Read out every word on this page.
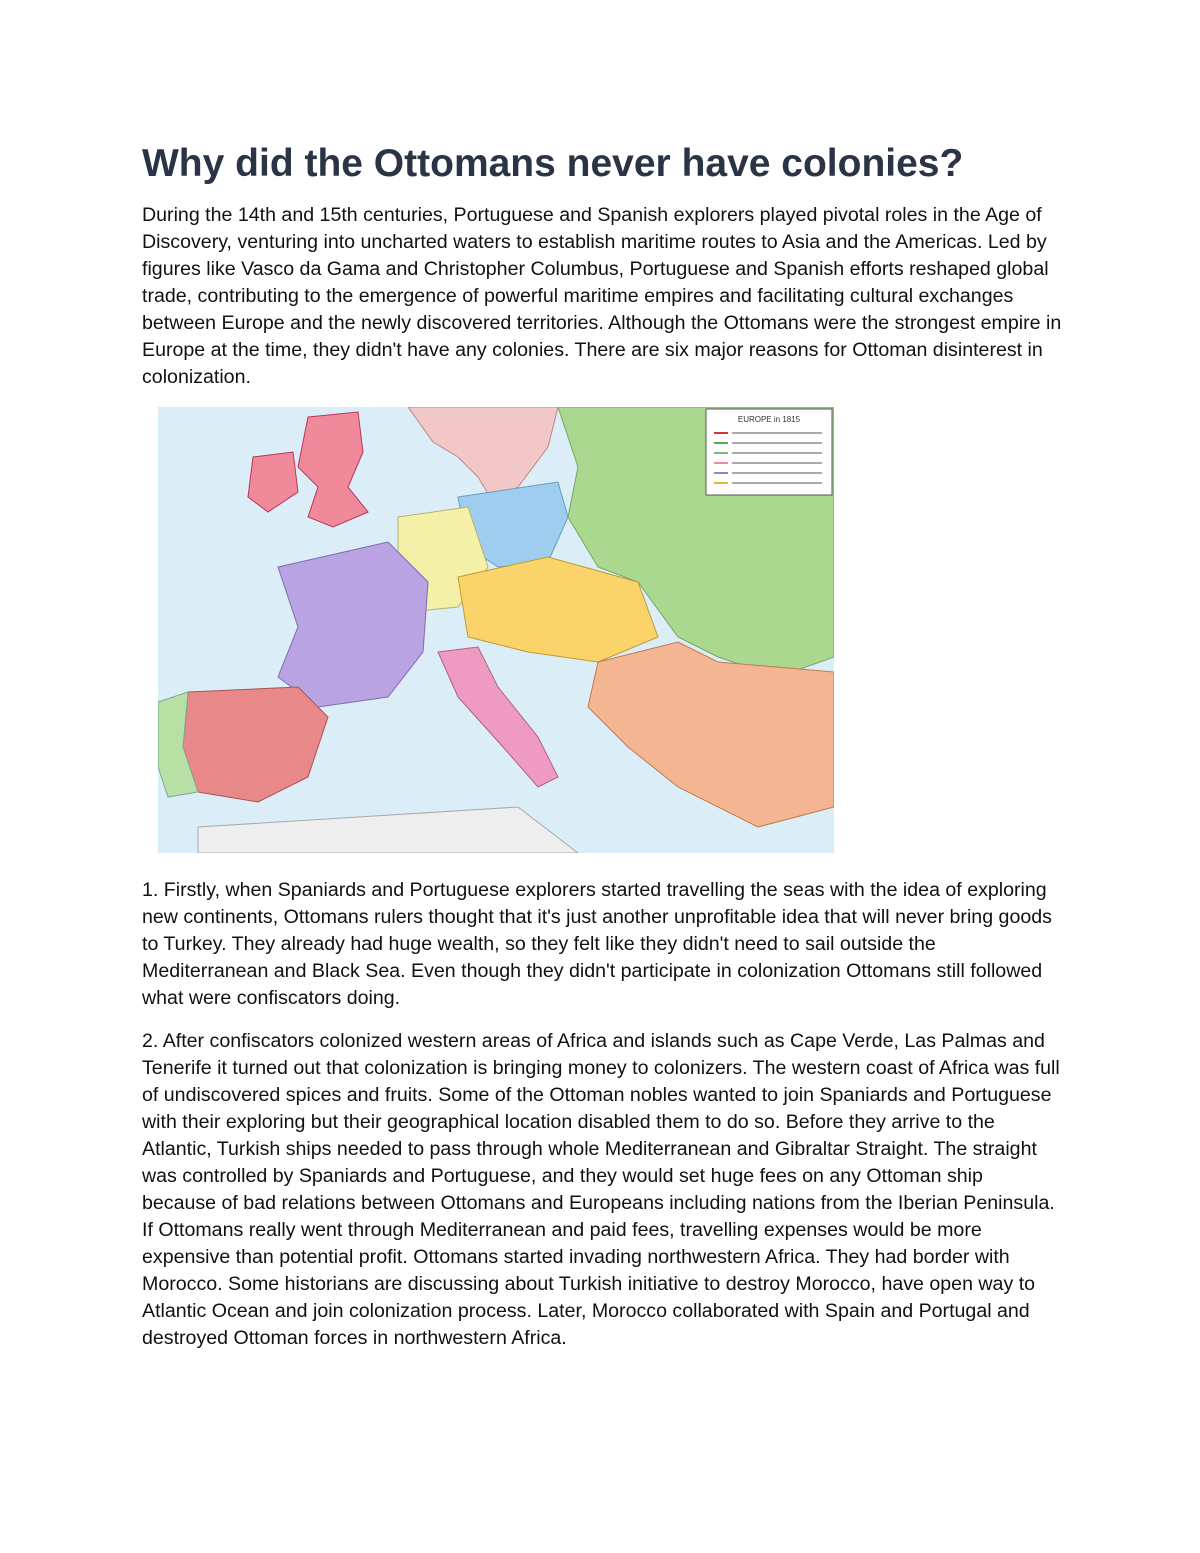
Why did the Ottomans never have colonies?

During the 14th and 15th centuries, Portuguese and Spanish explorers played pivotal roles in the Age of Discovery, venturing into uncharted waters to establish maritime routes to Asia and the Americas. Led by figures like Vasco da Gama and Christopher Columbus, Portuguese and Spanish efforts reshaped global trade, contributing to the emergence of powerful maritime empires and facilitating cultural exchanges between Europe and the newly discovered territories. Although the Ottomans were the strongest empire in Europe at the time, they didn't have any colonies. There are six major reasons for Ottoman disinterest in colonization.

EUROPE in 1815

1. Firstly, when Spaniards and Portuguese explorers started travelling the seas with the idea of exploring new continents, Ottomans rulers thought that it's just another unprofitable idea that will never bring goods to Turkey. They already had huge wealth, so they felt like they didn't need to sail outside the Mediterranean and Black Sea. Even though they didn't participate in colonization Ottomans still followed what were confiscators doing.

2. After confiscators colonized western areas of Africa and islands such as Cape Verde, Las Palmas and Tenerife it turned out that colonization is bringing money to colonizers. The western coast of Africa was full of undiscovered spices and fruits. Some of the Ottoman nobles wanted to join Spaniards and Portuguese with their exploring but their geographical location disabled them to do so. Before they arrive to the Atlantic, Turkish ships needed to pass through whole Mediterranean and Gibraltar Straight. The straight was controlled by Spaniards and Portuguese, and they would set huge fees on any Ottoman ship because of bad relations between Ottomans and Europeans including nations from the Iberian Peninsula. If Ottomans really went through Mediterranean and paid fees, travelling expenses would be more expensive than potential profit. Ottomans started invading northwestern Africa. They had border with Morocco. Some historians are discussing about Turkish initiative to destroy Morocco, have open way to Atlantic Ocean and join colonization process. Later, Morocco collaborated with Spain and Portugal and destroyed Ottoman forces in northwestern Africa.
